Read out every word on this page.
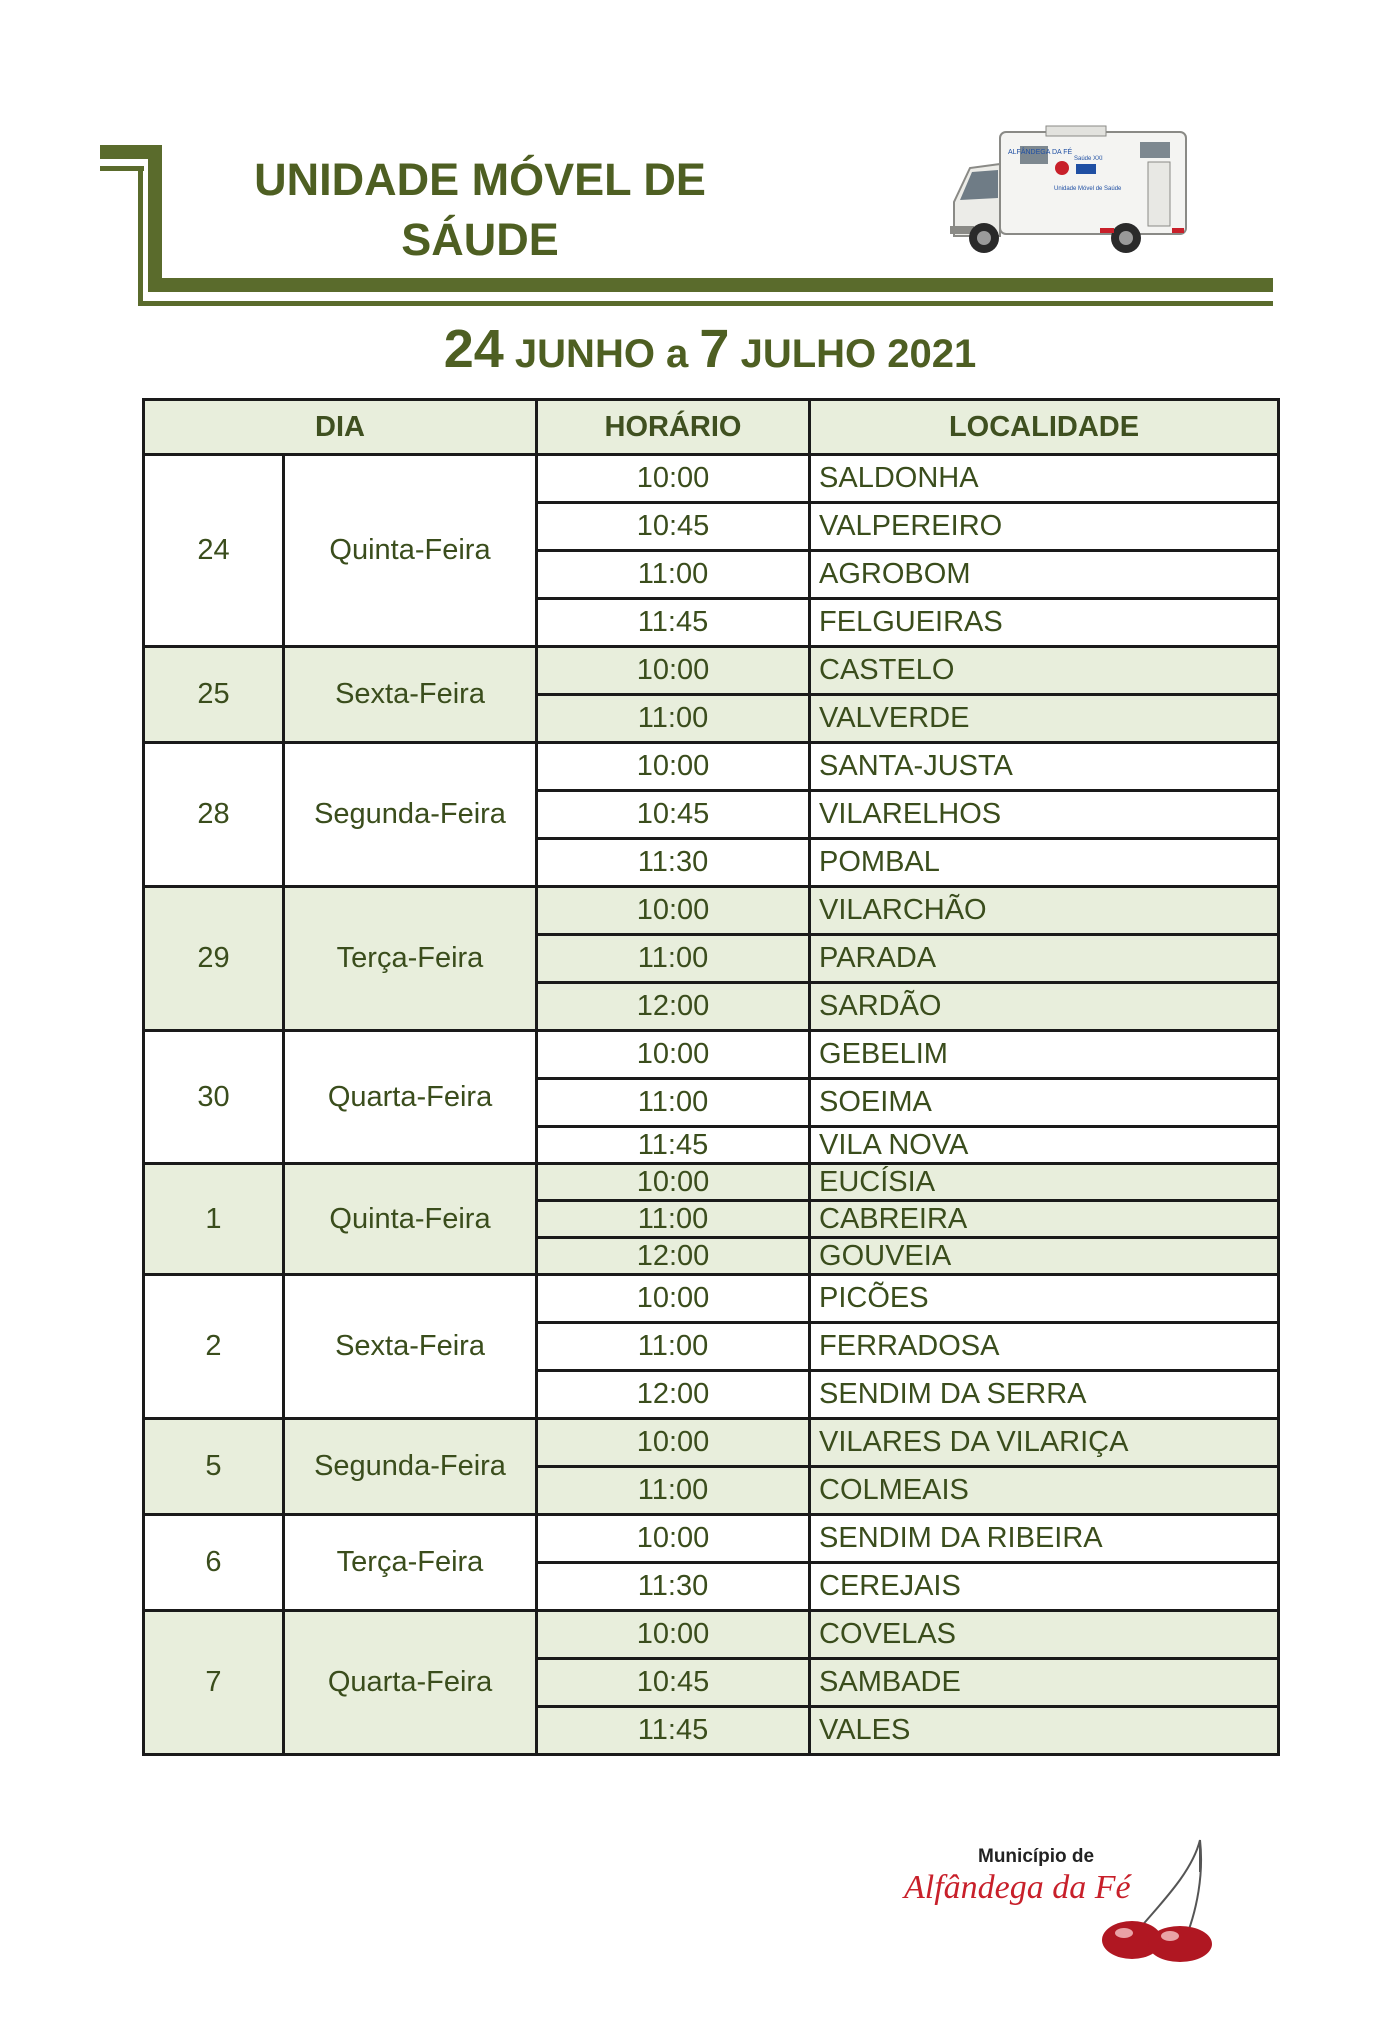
UNIDADE MÓVEL DE
SÁUDE
ALFÂNDEGA DA FÉ
Saúde XXI
Unidade Móvel de Saúde
24 JUNHO a 7 JULHO 2021
DIA		HORÁRIO	LOCALIDADE
24	Quinta-Feira	10:00	SALDONHA
		10:45	VALPEREIRO
		11:00	AGROBOM
		11:45	FELGUEIRAS
25	Sexta-Feira	10:00	CASTELO
		11:00	VALVERDE
28	Segunda-Feira	10:00	SANTA-JUSTA
		10:45	VILARELHOS
		11:30	POMBAL
29	Terça-Feira	10:00	VILARCHÃO
		11:00	PARADA
		12:00	SARDÃO
30	Quarta-Feira	10:00	GEBELIM
		11:00	SOEIMA
		11:45	VILA NOVA
1	Quinta-Feira	10:00	EUCÍSIA
		11:00	CABREIRA
		12:00	GOUVEIA
2	Sexta-Feira	10:00	PICÕES
		11:00	FERRADOSA
		12:00	SENDIM DA SERRA
5	Segunda-Feira	10:00	VILARES DA VILARIÇA
		11:00	COLMEAIS
6	Terça-Feira	10:00	SENDIM DA RIBEIRA
		11:30	CEREJAIS
7	Quarta-Feira	10:00	COVELAS
		10:45	SAMBADE
		11:45	VALES
Município de
Alfândega da Fé
